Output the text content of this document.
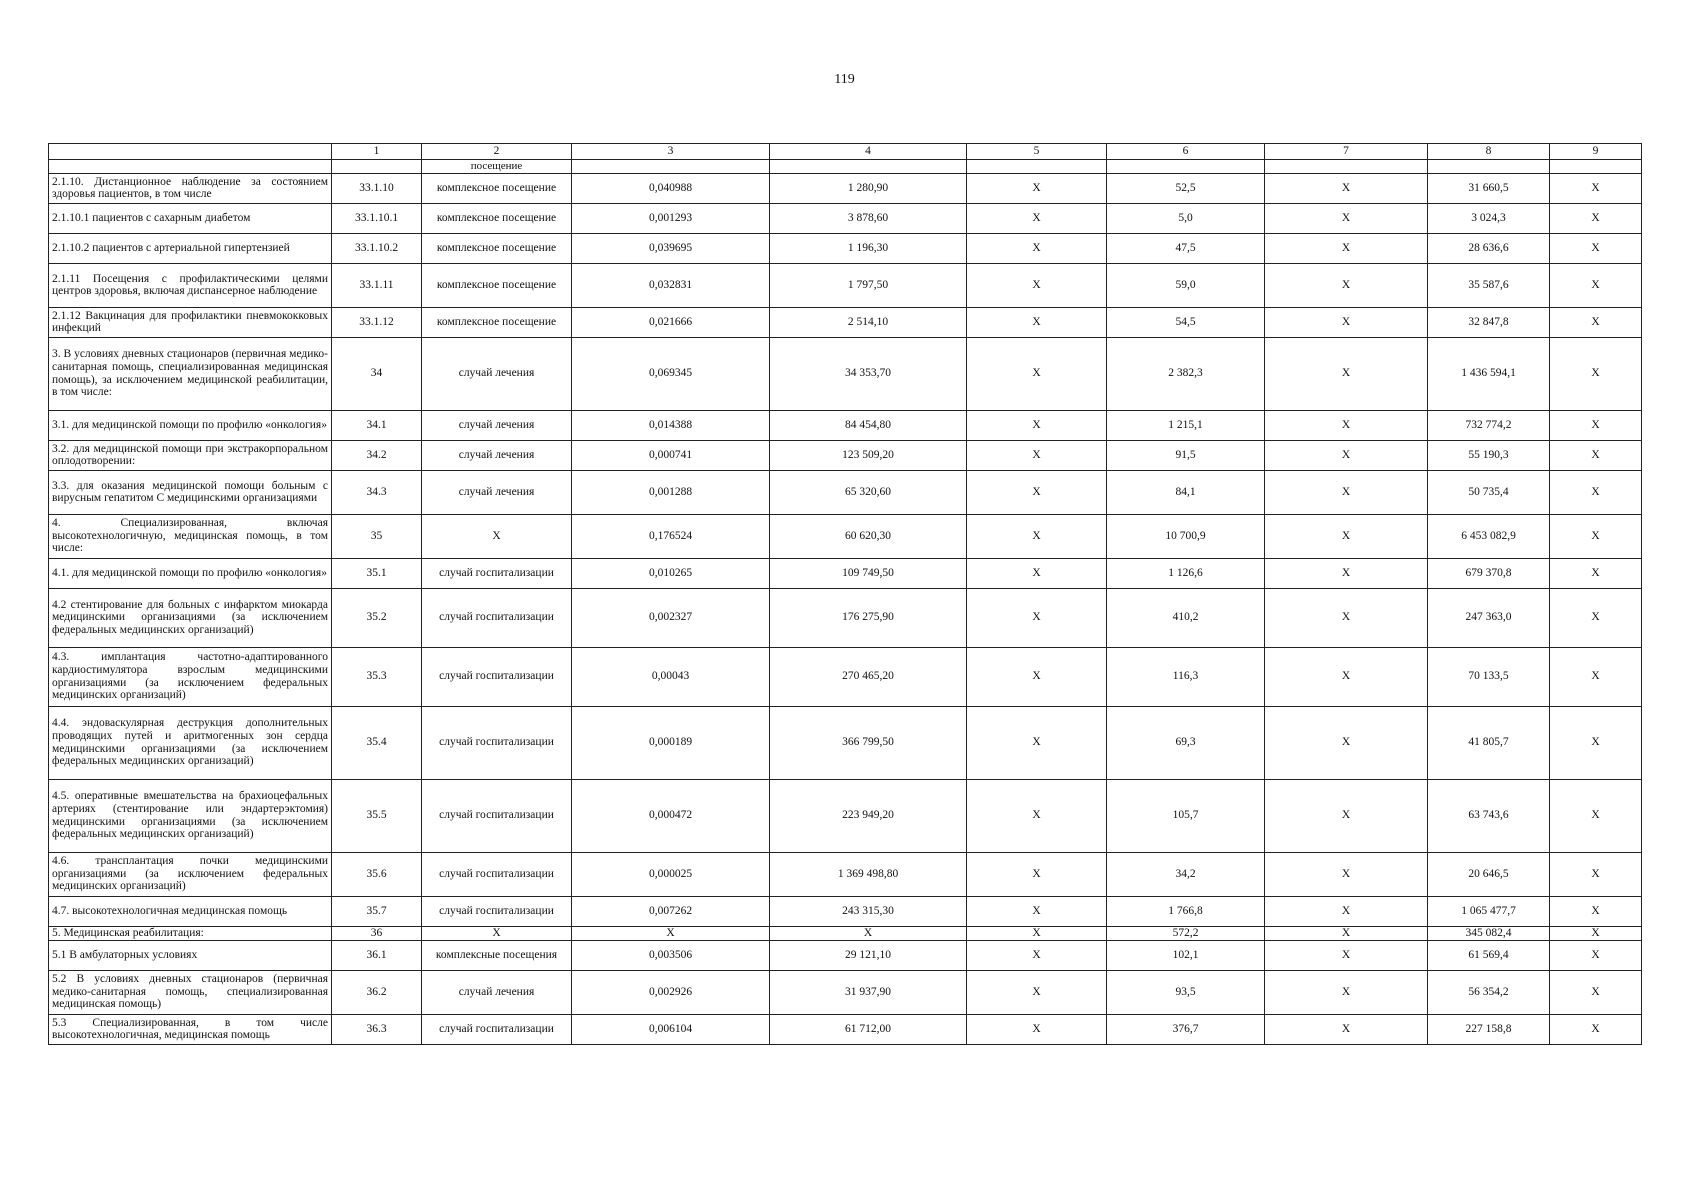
119
	1	2	3	4	5	6	7	8	9
		посещение							
2.1.10. Дистанционное наблюдение за состоянием здоровья пациентов, в том числе	33.1.10	комплексное посещение	0,040988	1 280,90	Х	52,5	Х	31 660,5	Х
2.1.10.1 пациентов с сахарным диабетом	33.1.10.1	комплексное посещение	0,001293	3 878,60	Х	5,0	Х	3 024,3	Х
2.1.10.2 пациентов с артериальной гипертензией	33.1.10.2	комплексное посещение	0,039695	1 196,30	Х	47,5	Х	28 636,6	Х
2.1.11 Посещения с профилактическими целями центров здоровья, включая диспансерное наблюдение	33.1.11	комплексное посещение	0,032831	1 797,50	Х	59,0	Х	35 587,6	Х
2.1.12 Вакцинация для профилактики пневмококковых инфекций	33.1.12	комплексное посещение	0,021666	2 514,10	Х	54,5	Х	32 847,8	Х
3. В условиях дневных стационаров (первичная медико-санитарная помощь, специализированная медицинская помощь), за исключением медицинской реабилитации, в том числе:	34	случай лечения	0,069345	34 353,70	Х	2 382,3	Х	1 436 594,1	Х
3.1. для медицинской помощи по профилю «онкология»	34.1	случай лечения	0,014388	84 454,80	Х	1 215,1	Х	732 774,2	Х
3.2. для медицинской помощи при экстракорпоральном оплодотворении:	34.2	случай лечения	0,000741	123 509,20	Х	91,5	Х	55 190,3	Х
3.3. для оказания медицинской помощи больным с вирусным гепатитом С медицинскими организациями	34.3	случай лечения	0,001288	65 320,60	Х	84,1	Х	50 735,4	Х
4. Специализированная, включая высокотехнологичную, медицинская помощь, в том числе:	35	Х	0,176524	60 620,30	Х	10 700,9	Х	6 453 082,9	Х
4.1. для медицинской помощи по профилю «онкология»	35.1	случай госпитализации	0,010265	109 749,50	Х	1 126,6	Х	679 370,8	Х
4.2 стентирование для больных с инфарктом миокарда медицинскими организациями (за исключением федеральных медицинских организаций)	35.2	случай госпитализации	0,002327	176 275,90	Х	410,2	Х	247 363,0	Х
4.3. имплантация частотно-адаптированного кардиостимулятора взрослым медицинскими организациями (за исключением федеральных медицинских организаций)	35.3	случай госпитализации	0,00043	270 465,20	Х	116,3	Х	70 133,5	Х
4.4. эндоваскулярная деструкция дополнительных проводящих путей и аритмогенных зон сердца медицинскими организациями (за исключением федеральных медицинских организаций)	35.4	случай госпитализации	0,000189	366 799,50	Х	69,3	Х	41 805,7	Х
4.5. оперативные вмешательства на брахиоцефальных артериях (стентирование или эндартерэктомия) медицинскими организациями (за исключением федеральных медицинских организаций)	35.5	случай госпитализации	0,000472	223 949,20	Х	105,7	Х	63 743,6	Х
4.6. трансплантация почки медицинскими организациями (за исключением федеральных медицинских организаций)	35.6	случай госпитализации	0,000025	1 369 498,80	Х	34,2	Х	20 646,5	Х
4.7. высокотехнологичная медицинская помощь	35.7	случай госпитализации	0,007262	243 315,30	Х	1 766,8	Х	1 065 477,7	Х
5. Медицинская реабилитация:	36	Х	Х	Х	Х	572,2	Х	345 082,4	Х
5.1 В амбулаторных условиях	36.1	комплексные посещения	0,003506	29 121,10	Х	102,1	Х	61 569,4	Х
5.2 В условиях дневных стационаров (первичная медико-санитарная помощь, специализированная медицинская помощь)	36.2	случай лечения	0,002926	31 937,90	Х	93,5	Х	56 354,2	Х
5.3 Специализированная, в том числе высокотехнологичная, медицинская помощь	36.3	случай госпитализации	0,006104	61 712,00	Х	376,7	Х	227 158,8	Х
